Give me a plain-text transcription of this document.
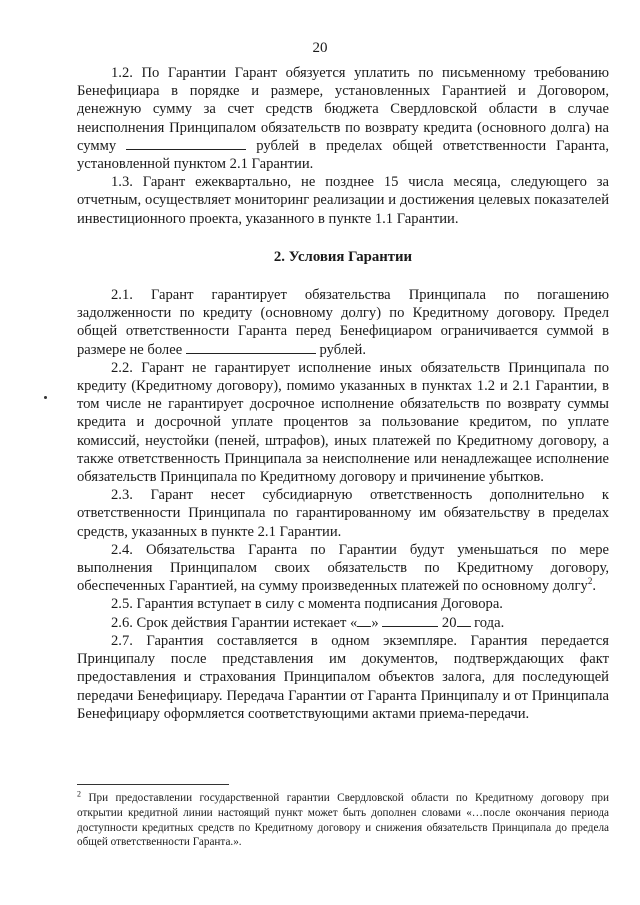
20

1.2. По Гарантии Гарант обязуется уплатить по письменному требованию Бенефициара в порядке и размере, установленных Гарантией и Договором, денежную сумму за счет средств бюджета Свердловской области в случае неисполнения Принципалом обязательств по возврату кредита (основного долга) на сумму	рублей в пределах общей ответственности Гаранта, установленной пунктом 2.1 Гарантии.

1.3. Гарант ежеквартально, не позднее 15 числа месяца, следующего за отчетным, осуществляет мониторинг реализации и достижения целевых показателей инвестиционного проекта, указанного в пункте 1.1 Гарантии.

2. Условия Гарантии

2.1. Гарант гарантирует обязательства Принципала по погашению задолженности по кредиту (основному долгу) по Кредитному договору. Предел общей ответственности Гаранта перед Бенефициаром ограничивается суммой в размере не более	рублей.

2.2. Гарант не гарантирует исполнение иных обязательств Принципала по кредиту (Кредитному договору), помимо указанных в пунктах 1.2 и 2.1 Гарантии, в том числе не гарантирует досрочное исполнение обязательств по возврату суммы кредита и досрочной уплате процентов за пользование кредитом, по уплате комиссий, неустойки (пеней, штрафов), иных платежей по Кредитному договору, а также ответственность Принципала за неисполнение или ненадлежащее исполнение обязательств Принципала по Кредитному договору и причинение убытков.

2.3. Гарант несет субсидиарную ответственность дополнительно к ответственности Принципала по гарантированному им обязательству в пределах средств, указанных в пункте 2.1 Гарантии.

2.4. Обязательства Гаранта по Гарантии будут уменьшаться по мере выполнения Принципалом своих обязательств по Кредитному договору, обеспеченных Гарантией, на сумму произведенных платежей по основному долгу$^2$.

2.5. Гарантия вступает в силу с момента подписания Договора.

2.6. Срок действия Гарантии истекает « »	20 года.

2.7. Гарантия составляется в одном экземпляре. Гарантия передается Принципалу после представления им документов, подтверждающих факт предоставления и страхования Принципалом объектов залога, для последующей передачи Бенефициару. Передача Гарантии от Гаранта Принципалу и от Принципала Бенефициару оформляется соответствующими актами приема-передачи.

$^2$ При предоставлении государственной гарантии Свердловской области по Кредитному договору при открытии кредитной линии настоящий пункт может быть дополнен словами «…после окончания периода доступности кредитных средств по Кредитному договору и снижения обязательств Принципала до предела общей ответственности Гаранта.».
